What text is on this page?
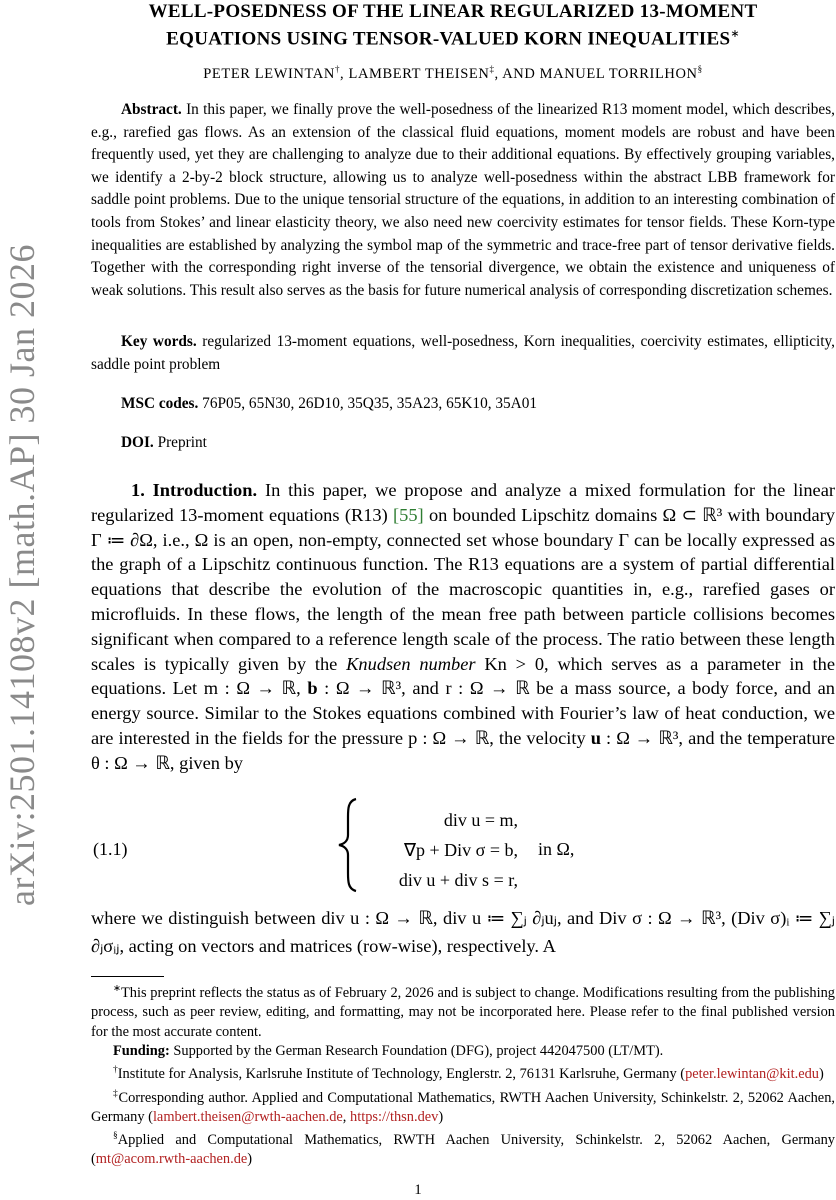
arXiv:2501.14108v2 [math.AP] 30 Jan 2026
WELL-POSEDNESS OF THE LINEAR REGULARIZED 13-MOMENT
EQUATIONS USING TENSOR-VALUED KORN INEQUALITIES∗
PETER LEWINTAN†, LAMBERT THEISEN‡, AND MANUEL TORRILHON§

Abstract. In this paper, we finally prove the well-posedness of the linearized R13 moment model, which describes, e.g., rarefied gas flows. As an extension of the classical fluid equations, moment models are robust and have been frequently used, yet they are challenging to analyze due to their additional equations. By effectively grouping variables, we identify a 2-by-2 block structure, allowing us to analyze well-posedness within the abstract LBB framework for saddle point problems. Due to the unique tensorial structure of the equations, in addition to an interesting combination of tools from Stokes’ and linear elasticity theory, we also need new coercivity estimates for tensor fields. These Korn-type inequalities are established by analyzing the symbol map of the symmetric and trace-free part of tensor derivative fields. Together with the corresponding right inverse of the tensorial divergence, we obtain the existence and uniqueness of weak solutions. This result also serves as the basis for future numerical analysis of corresponding discretization schemes.

Key words. regularized 13-moment equations, well-posedness, Korn inequalities, coercivity estimates, ellipticity, saddle point problem

MSC codes. 76P05, 65N30, 26D10, 35Q35, 35A23, 65K10, 35A01

DOI. Preprint

1. Introduction. In this paper, we propose and analyze a mixed formulation for the linear regularized 13-moment equations (R13) [55] on bounded Lipschitz domains Ω ⊂ ℝ³ with boundary Γ ≔ ∂Ω, i.e., Ω is an open, non-empty, connected set whose boundary Γ can be locally expressed as the graph of a Lipschitz continuous function. The R13 equations are a system of partial differential equations that describe the evolution of the macroscopic quantities in, e.g., rarefied gases or microfluids. In these flows, the length of the mean free path between particle collisions becomes significant when compared to a reference length scale of the process. The ratio between these length scales is typically given by the Knudsen number Kn > 0, which serves as a parameter in the equations. Let m : Ω → ℝ, b : Ω → ℝ³, and r : Ω → ℝ be a mass source, a body force, and an energy source. Similar to the Stokes equations combined with Fourier’s law of heat conduction, we are interested in the fields for the pressure p : Ω → ℝ, the velocity u : Ω → ℝ³, and the temperature θ : Ω → ℝ, given by

(1.1)
div u = m,
∇p + Div σ = b,
div u + div s = r,
in Ω,

where we distinguish between div u : Ω → ℝ, div u ≔ ∑ⱼ ∂ⱼuⱼ, and Div σ : Ω → ℝ³, (Div σ)ᵢ ≔ ∑ⱼ ∂ⱼσᵢⱼ, acting on vectors and matrices (row-wise), respectively. A

∗This preprint reflects the status as of February 2, 2026 and is subject to change. Modifications resulting from the publishing process, such as peer review, editing, and formatting, may not be incorporated here. Please refer to the final published version for the most accurate content.

Funding: Supported by the German Research Foundation (DFG), project 442047500 (LT/MT).

†Institute for Analysis, Karlsruhe Institute of Technology, Englerstr. 2, 76131 Karlsruhe, Germany (peter.lewintan@kit.edu)

‡Corresponding author. Applied and Computational Mathematics, RWTH Aachen University, Schinkelstr. 2, 52062 Aachen, Germany (lambert.theisen@rwth-aachen.de, https://thsn.dev)

§Applied and Computational Mathematics, RWTH Aachen University, Schinkelstr. 2, 52062 Aachen, Germany (mt@acom.rwth-aachen.de)

1
